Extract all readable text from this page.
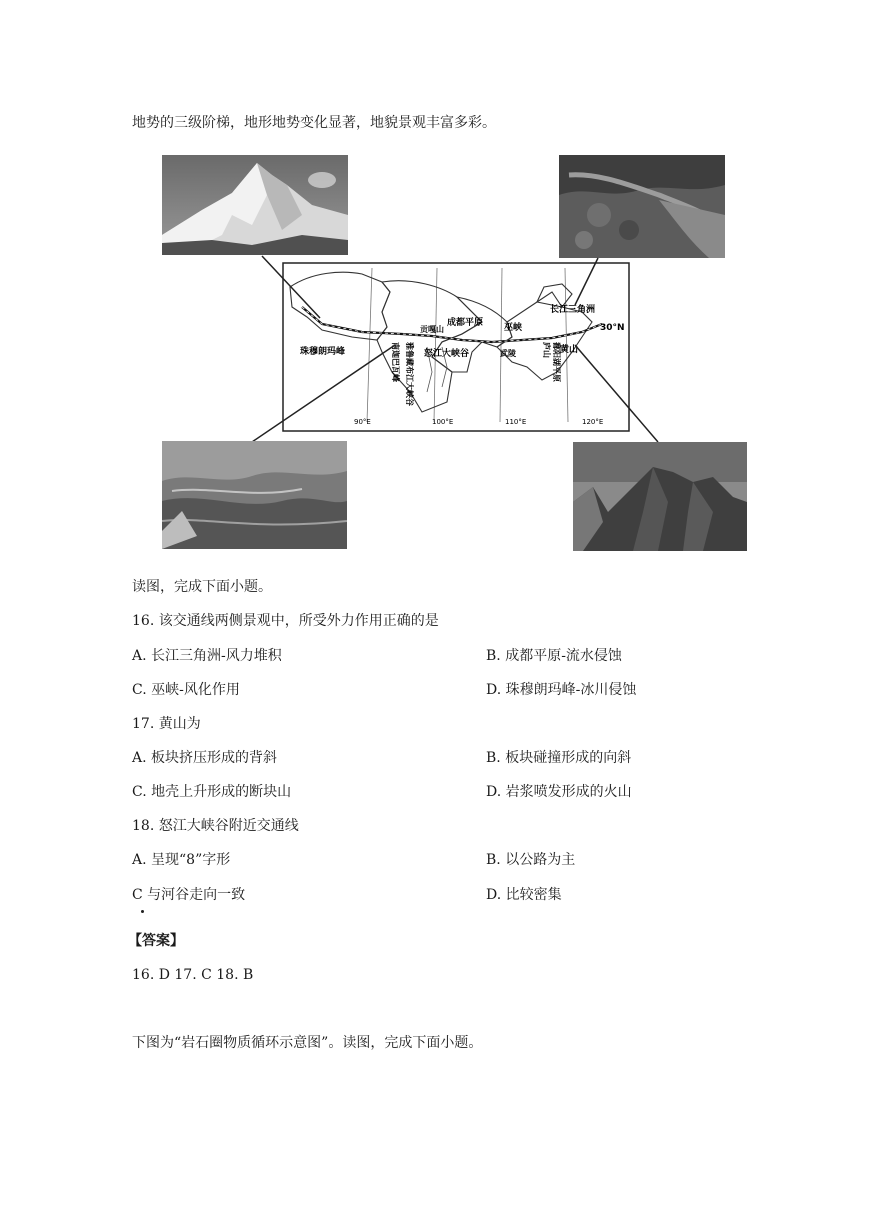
地势的三级阶梯，地形地势变化显著，地貌景观丰富多彩。
长江三角洲
30°N
成都平原 巫峡
贡嘎山
珠穆朗玛峰	怒江大峡谷	武陵	黄山
雅鲁藏布江大峡谷
南迦巴瓦峰	庐山 鄱阳湖平原
90°E	100°E	110°E	120°E
读图，完成下面小题。
16. 该交通线两侧景观中，所受外力作用正确的是
A. 长江三角洲-风力堆积	B. 成都平原-流水侵蚀
C. 巫峡-风化作用	D. 珠穆朗玛峰-冰川侵蚀
17. 黄山为
A. 板块挤压形成的背斜	B. 板块碰撞形成的向斜
C. 地壳上升形成的断块山	D. 岩浆喷发形成的火山
18. 怒江大峡谷附近交通线
A. 呈现“8”字形	B. 以公路为主
C 与河谷走向一致	D. 比较密集
【答案】
16. D 17. C 18. B
下图为“岩石圈物质循环示意图”。读图，完成下面小题。
